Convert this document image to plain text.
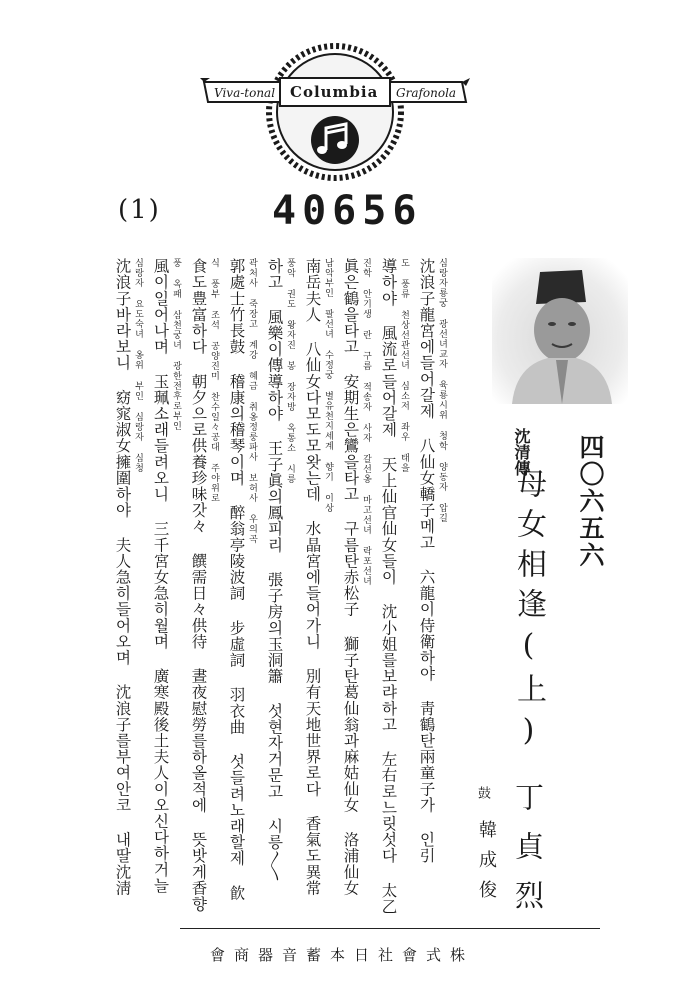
Viva-tonal Columbia Grafonola
(1)	40656
四〇六五六
沈清傳
母女相逢(上)
丁貞烈
鼓
韓成俊
심랑자룡궁 광선녀교자 육룡시위 청학 양동자 압길
沈浪子龍宮에들어갈제 八仙女轎子메고 六龍이侍衛하야 靑鶴탄兩童子가 인引
도 풍류 천상선관선녀 심소저 좌우 태을
導하야 風流로들어갈제 天上仙官仙女들이 沈小姐를보랴하고 左右로느릿섯다 太乙
진학 안기생 란 구름 적송자 사자 갈선옹 마고선녀 락포선녀
眞은鶴을타고 安期生은鸞을타고 구름탄赤松子 獅子탄葛仙翁과麻姑仙女 洛浦仙女
남악부인 팔선녀 수정궁 별유천지세계 향기 이상
南岳夫人 八仙女다모도모왓는데 水晶宮에들어가니 別有天地世界로다 香氣도異常
풍악 권도 왕자진 봉 장자방 옥통소 시릉
하고 風樂이傳導하야 王子眞의鳳피리 張子房의玉洞簫 섯현자거문고 시릉〳〵
곽처사 죽장고 계강 혜금 취옹정룽파사 보허사 우의곡
郭處士竹長鼓 稽康의稽琴이며 醉翁亭陵波詞 步虛詞 羽衣曲 섯들려노래할제 飮
식 풍부 조석 공양진미 찬수일々공대 주야위로
食도豊富하다 朝夕으로供養珍味갓々 饌需日々供待 晝夜慰勞를하올적에 뜻밧게香향
풍 옥패 삼천궁녀 광한전후로부인
風이일어나며 玉珮소래들려오니 三千宮女急히월며 廣寒殿後土夫人이오신다하거늘
심랑자 요도숙녀 옹위 부인 심랑자 심청
沈浪子바라보니 窈窕淑女擁圍하야 夫人急히들어오며 沈浪子를부여안코 내딸沈淸
會商器音蓄本日社會式株
